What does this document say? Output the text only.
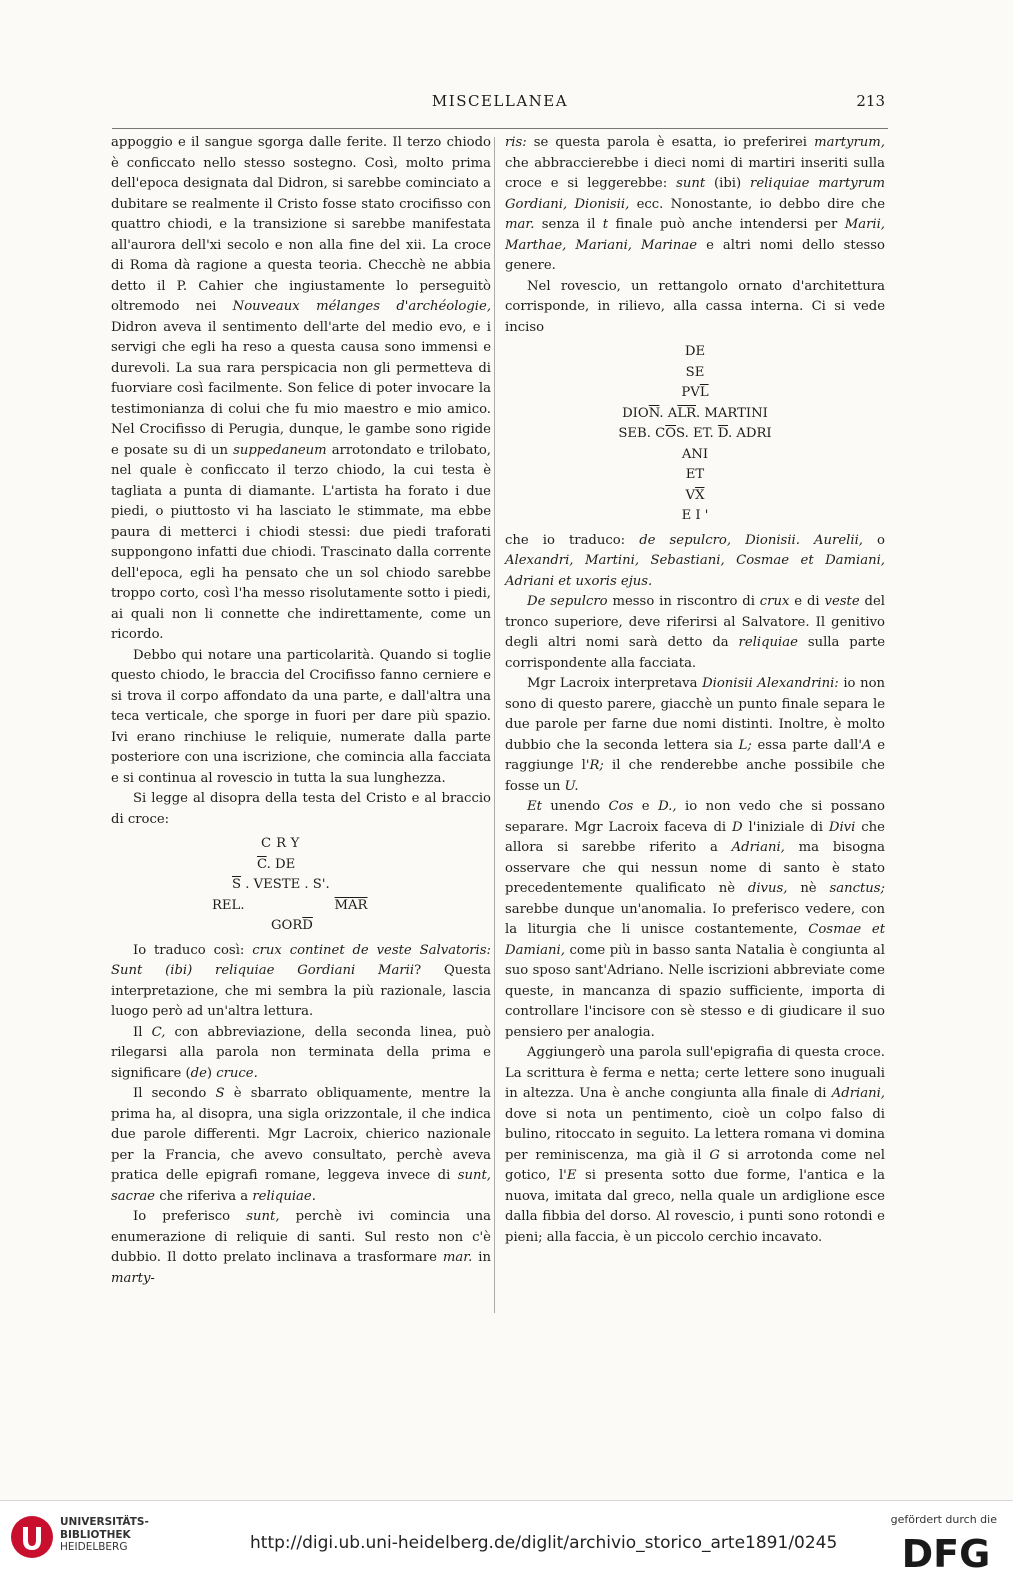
MISCELLANEA	213

appoggio e il sangue sgorga dalle ferite. Il terzo chiodo è conficcato nello stesso sostegno. Così, molto prima dell'epoca designata dal Didron, si sarebbe cominciato a dubitare se realmente il Cristo fosse stato crocifisso con quattro chiodi, e la transizione si sarebbe manifestata all'aurora dell'xi secolo e non alla fine del xii. La croce di Roma dà ragione a questa teoria. Checchè ne abbia detto il P. Cahier che ingiustamente lo perseguitò oltremodo nei Nouveaux mélanges d'archéologie, Didron aveva il sentimento dell'arte del medio evo, e i servigi che egli ha reso a questa causa sono immensi e durevoli. La sua rara perspicacia non gli permetteva di fuorviare così facilmente. Son felice di poter invocare la testimonianza di colui che fu mio maestro e mio amico. Nel Crocifisso di Perugia, dunque, le gambe sono rigide e posate su di un suppedaneum arrotondato e trilobato, nel quale è conficcato il terzo chiodo, la cui testa è tagliata a punta di diamante. L'artista ha forato i due piedi, o piuttosto vi ha lasciato le stimmate, ma ebbe paura di metterci i chiodi stessi: due piedi traforati suppongono infatti due chiodi. Trascinato dalla corrente dell'epoca, egli ha pensato che un sol chiodo sarebbe troppo corto, così l'ha messo risolutamente sotto i piedi, ai quali non li connette che indirettamente, come un ricordo.

Debbo qui notare una particolarità. Quando si toglie questo chiodo, le braccia del Crocifisso fanno cerniere e si trova il corpo affondato da una parte, e dall'altra una teca verticale, che sporge in fuori per dare più spazio. Ivi erano rinchiuse le reliquie, numerate dalla parte posteriore con una iscrizione, che comincia alla facciata e si continua al rovescio in tutta la sua lunghezza.

Si legge al disopra della testa del Cristo e al braccio di croce:

CRY
$\overline{C}$. DE
$\overline{S}$ . VESTE . S'.
REL.	$\overline{MAR}$
$GOR\overline{D}$

Io traduco così: crux continet de veste Salvatoris: Sunt (ibi) reliquiae Gordiani Marii? Questa interpretazione, che mi sembra la più razionale, lascia luogo però ad un'altra lettura.

Il C, con abbreviazione, della seconda linea, può rilegarsi alla parola non terminata della prima e significare (de) cruce.

Il secondo S è sbarrato obliquamente, mentre la prima ha, al disopra, una sigla orizzontale, il che indica due parole differenti. Mgr Lacroix, chierico nazionale per la Francia, che avevo consultato, perchè aveva pratica delle epigrafi romane, leggeva invece di sunt, sacrae che riferiva a reliquiae.

Io preferisco sunt, perchè ivi comincia una enumerazione di reliquie di santi. Sul resto non c'è dubbio. Il dotto prelato inclinava a trasformare mar. in marty-

ris: se questa parola è esatta, io preferirei martyrum, che abbraccierebbe i dieci nomi di martiri inseriti sulla croce e si leggerebbe: sunt (ibi) reliquiae martyrum Gordiani, Dionisii, ecc. Nonostante, io debbo dire che mar. senza il t finale può anche intendersi per Marii, Marthae, Mariani, Marinae e altri nomi dello stesso genere.

Nel rovescio, un rettangolo ornato d'architettura corrisponde, in rilievo, alla cassa interna. Ci si vede inciso

DE
SE
$PV\overline{L}$
$DIO\overline{N}$. $A\overline{LR}$. MARTINI
SEB. $C\overline{O}S$. ET. $\overline{D}$. ADRI
ANI
ET
$V\overline{X}$
E I '

che io traduco: de sepulcro, Dionisii. Aurelii, o Alexandri, Martini, Sebastiani, Cosmae et Damiani, Adriani et uxoris ejus.

De sepulcro messo in riscontro di crux e di veste del tronco superiore, deve riferirsi al Salvatore. Il genitivo degli altri nomi sarà detto da reliquiae sulla parte corrispondente alla facciata.

Mgr Lacroix interpretava Dionisii Alexandrini: io non sono di questo parere, giacchè un punto finale separa le due parole per farne due nomi distinti. Inoltre, è molto dubbio che la seconda lettera sia L; essa parte dall'A e raggiunge l'R; il che renderebbe anche possibile che fosse un U.

Et unendo Cos e D., io non vedo che si possano separare. Mgr Lacroix faceva di D l'iniziale di Divi che allora si sarebbe riferito a Adriani, ma bisogna osservare che qui nessun nome di santo è stato precedentemente qualificato nè divus, nè sanctus; sarebbe dunque un'anomalia. Io preferisco vedere, con la liturgia che li unisce costantemente, Cosmae et Damiani, come più in basso santa Natalia è congiunta al suo sposo sant'Adriano. Nelle iscrizioni abbreviate come queste, in mancanza di spazio sufficiente, importa di controllare l'incisore con sè stesso e di giudicare il suo pensiero per analogia.

Aggiungerò una parola sull'epigrafia di questa croce. La scrittura è ferma e netta; certe lettere sono inuguali in altezza. Una è anche congiunta alla finale di Adriani, dove si nota un pentimento, cioè un colpo falso di bulino, ritoccato in seguito. La lettera romana vi domina per reminiscenza, ma già il G si arrotonda come nel gotico, l'E si presenta sotto due forme, l'antica e la nuova, imitata dal greco, nella quale un ardiglione esce dalla fibbia del dorso. Al rovescio, i punti sono rotondi e pieni; alla faccia, è un piccolo cerchio incavato.

UNIVERSITÄTS-
BIBLIOTHEK
HEIDELBERG	http://digi.ub.uni-heidelberg.de/diglit/archivio_storico_arte1891/0245
gefördert durch die
DFG
